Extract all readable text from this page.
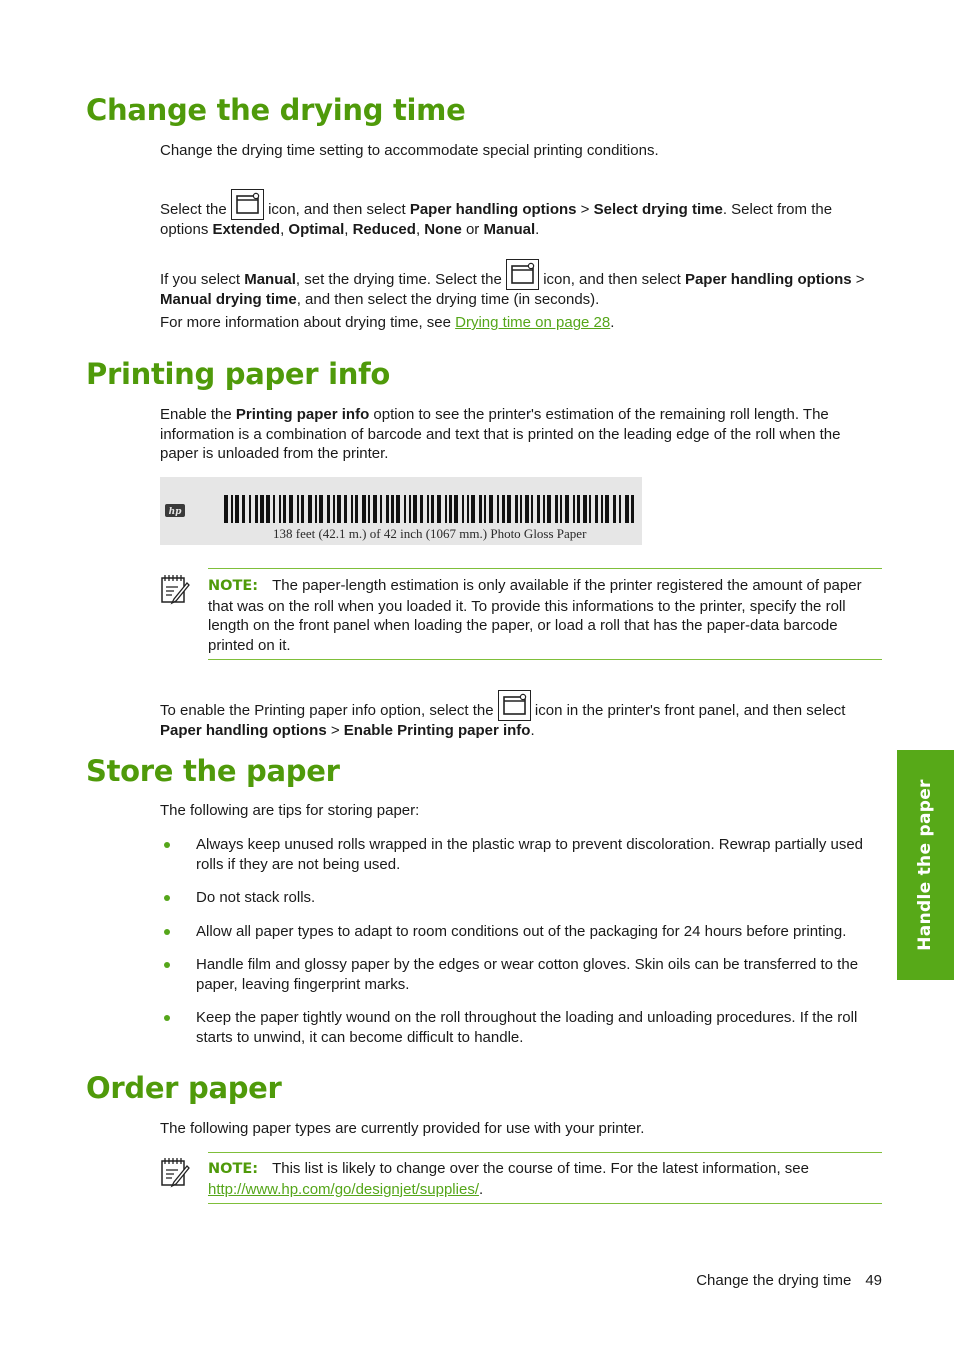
Change the drying time

Change the drying time setting to accommodate special printing conditions.

Select the	icon, and then select Paper handling options > Select drying time. Select from the options Extended, Optimal, Reduced, None or Manual.

If you select Manual, set the drying time. Select the	icon, and then select Paper handling options > Manual drying time, and then select the drying time (in seconds).

For more information about drying time, see Drying time on page 28.

Printing paper info

Enable the Printing paper info option to see the printer's estimation of the remaining roll length. The information is a combination of barcode and text that is printed on the leading edge of the roll when the paper is unloaded from the printer.

hp
138 feet (42.1 m.) of 42 inch (1067 mm.) Photo Gloss Paper

NOTE: The paper-length estimation is only available if the printer registered the amount of paper that was on the roll when you loaded it. To provide this informations to the printer, specify the roll length on the front panel when loading the paper, or load a roll that has the paper-data barcode printed on it.

To enable the Printing paper info option, select the	icon in the printer's front panel, and then select Paper handling options > Enable Printing paper info.

Store the paper

The following are tips for storing paper:

Always keep unused rolls wrapped in the plastic wrap to prevent discoloration. Rewrap partially used rolls if they are not being used.
Do not stack rolls.
Allow all paper types to adapt to room conditions out of the packaging for 24 hours before printing.
Handle film and glossy paper by the edges or wear cotton gloves. Skin oils can be transferred to the paper, leaving fingerprint marks.
Keep the paper tightly wound on the roll throughout the loading and unloading procedures. If the roll starts to unwind, it can become difficult to handle.
Order paper

The following paper types are currently provided for use with your printer.

NOTE: This list is likely to change over the course of time. For the latest information, see http://www.hp.com/go/designjet/supplies/.

Handle the paper
Change the drying time 49
